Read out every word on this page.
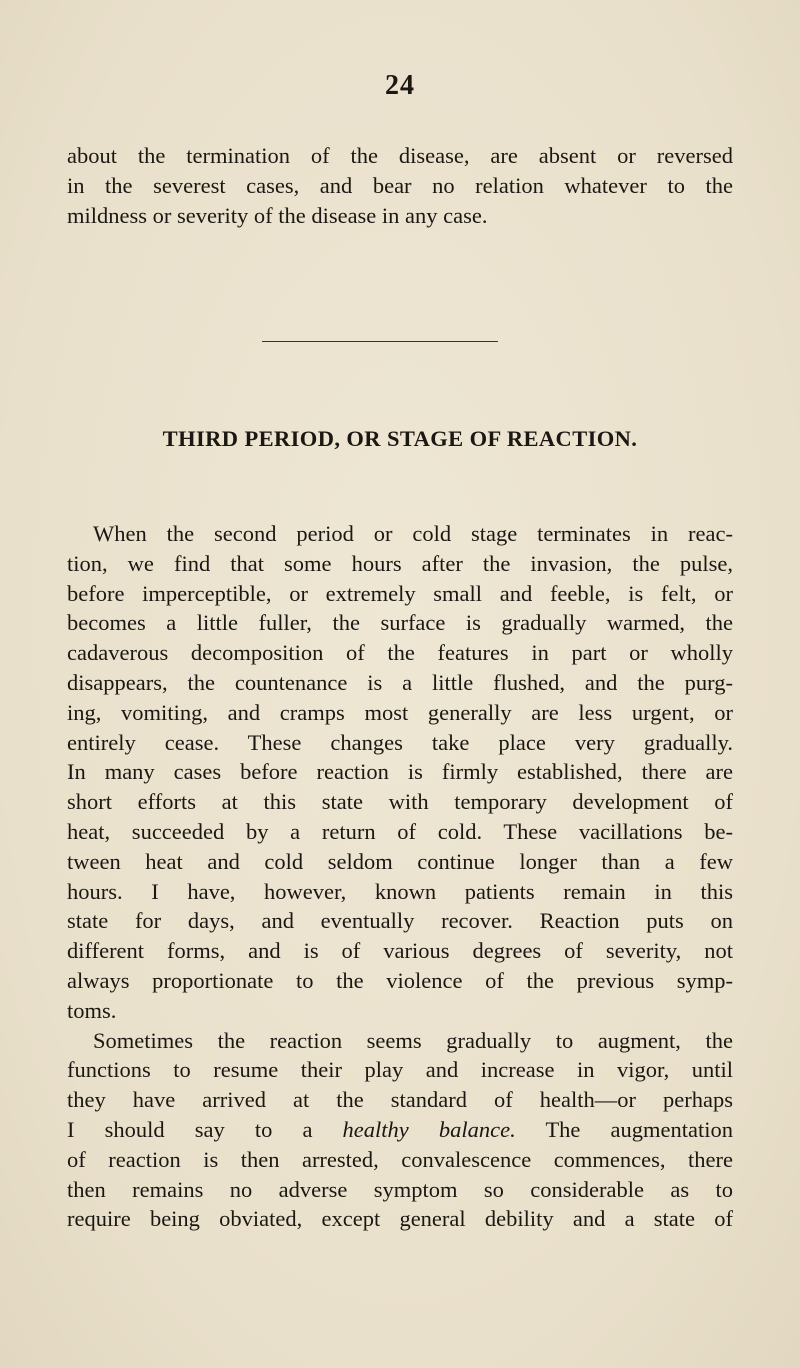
24
about the termination of the disease, are absent or reversed
in the severest cases, and bear no relation whatever to the
mildness or severity of the disease in any case.
THIRD PERIOD, OR STAGE OF REACTION.
When the second period or cold stage terminates in reac-
tion, we find that some hours after the invasion, the pulse,
before imperceptible, or extremely small and feeble, is felt, or
becomes a little fuller, the surface is gradually warmed, the
cadaverous decomposition of the features in part or wholly
disappears, the countenance is a little flushed, and the purg-
ing, vomiting, and cramps most generally are less urgent, or
entirely cease. These changes take place very gradually.
In many cases before reaction is firmly established, there are
short efforts at this state with temporary development of
heat, succeeded by a return of cold. These vacillations be-
tween heat and cold seldom continue longer than a few
hours. I have, however, known patients remain in this
state for days, and eventually recover. Reaction puts on
different forms, and is of various degrees of severity, not
always proportionate to the violence of the previous symp-
toms.
Sometimes the reaction seems gradually to augment, the
functions to resume their play and increase in vigor, until
they have arrived at the standard of health—or perhaps
I should say to a healthy balance. The augmentation
of reaction is then arrested, convalescence commences, there
then remains no adverse symptom so considerable as to
require being obviated, except general debility and a state of
